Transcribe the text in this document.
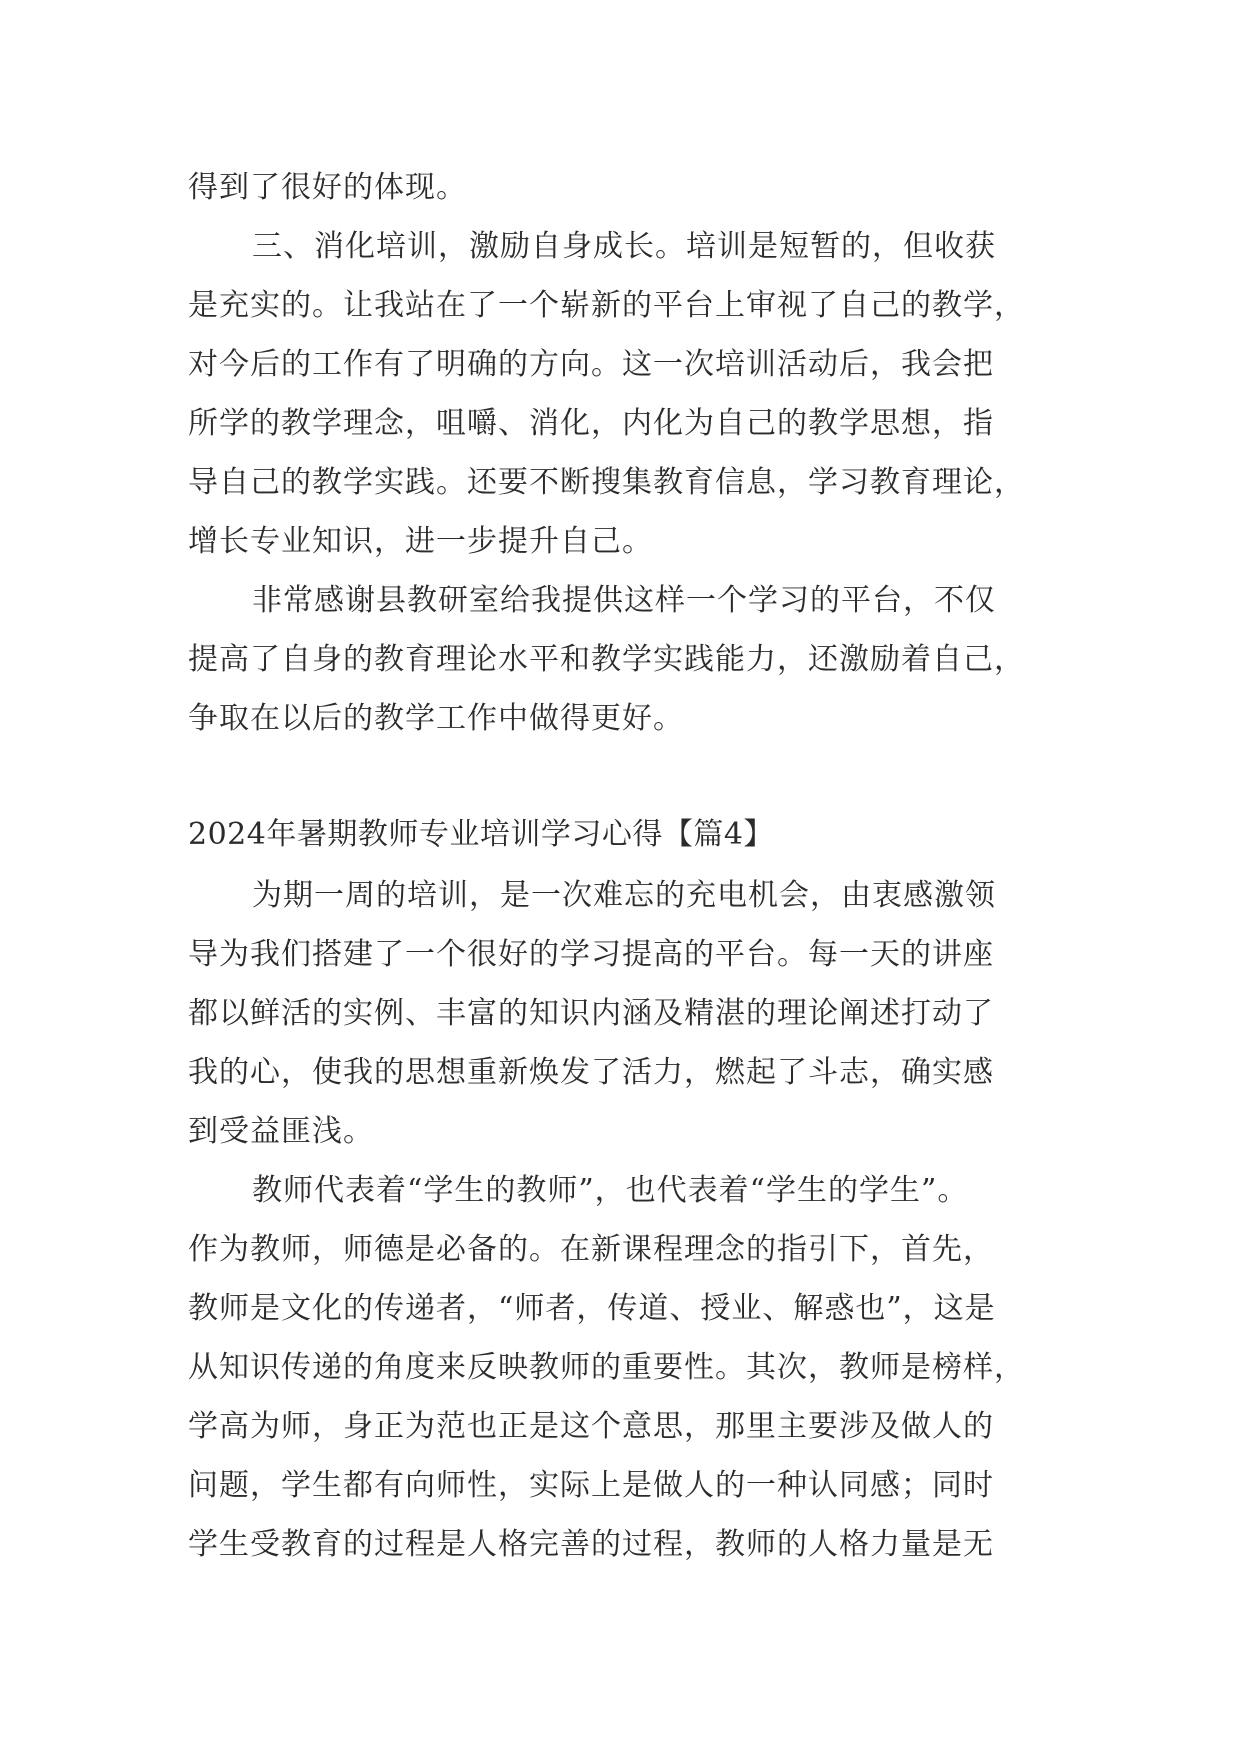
得到了很好的体现。
三、消化培训，激励自身成长。培训是短暂的，但收获
是充实的。让我站在了一个崭新的平台上审视了自己的教学，
对今后的工作有了明确的方向。这一次培训活动后，我会把
所学的教学理念，咀嚼、消化，内化为自己的教学思想，指
导自己的教学实践。还要不断搜集教育信息，学习教育理论，
增长专业知识，进一步提升自己。
非常感谢县教研室给我提供这样一个学习的平台，不仅
提高了自身的教育理论水平和教学实践能力，还激励着自己，
争取在以后的教学工作中做得更好。
2024年暑期教师专业培训学习心得【篇4】
为期一周的培训，是一次难忘的充电机会，由衷感激领
导为我们搭建了一个很好的学习提高的平台。每一天的讲座
都以鲜活的实例、丰富的知识内涵及精湛的理论阐述打动了
我的心，使我的思想重新焕发了活力，燃起了斗志，确实感
到受益匪浅。
教师代表着“学生的教师”，也代表着“学生的学生”。
作为教师，师德是必备的。在新课程理念的指引下，首先，
教师是文化的传递者，“师者，传道、授业、解惑也”，这是
从知识传递的角度来反映教师的重要性。其次，教师是榜样，
学高为师，身正为范也正是这个意思，那里主要涉及做人的
问题，学生都有向师性，实际上是做人的一种认同感；同时
学生受教育的过程是人格完善的过程，教师的人格力量是无
